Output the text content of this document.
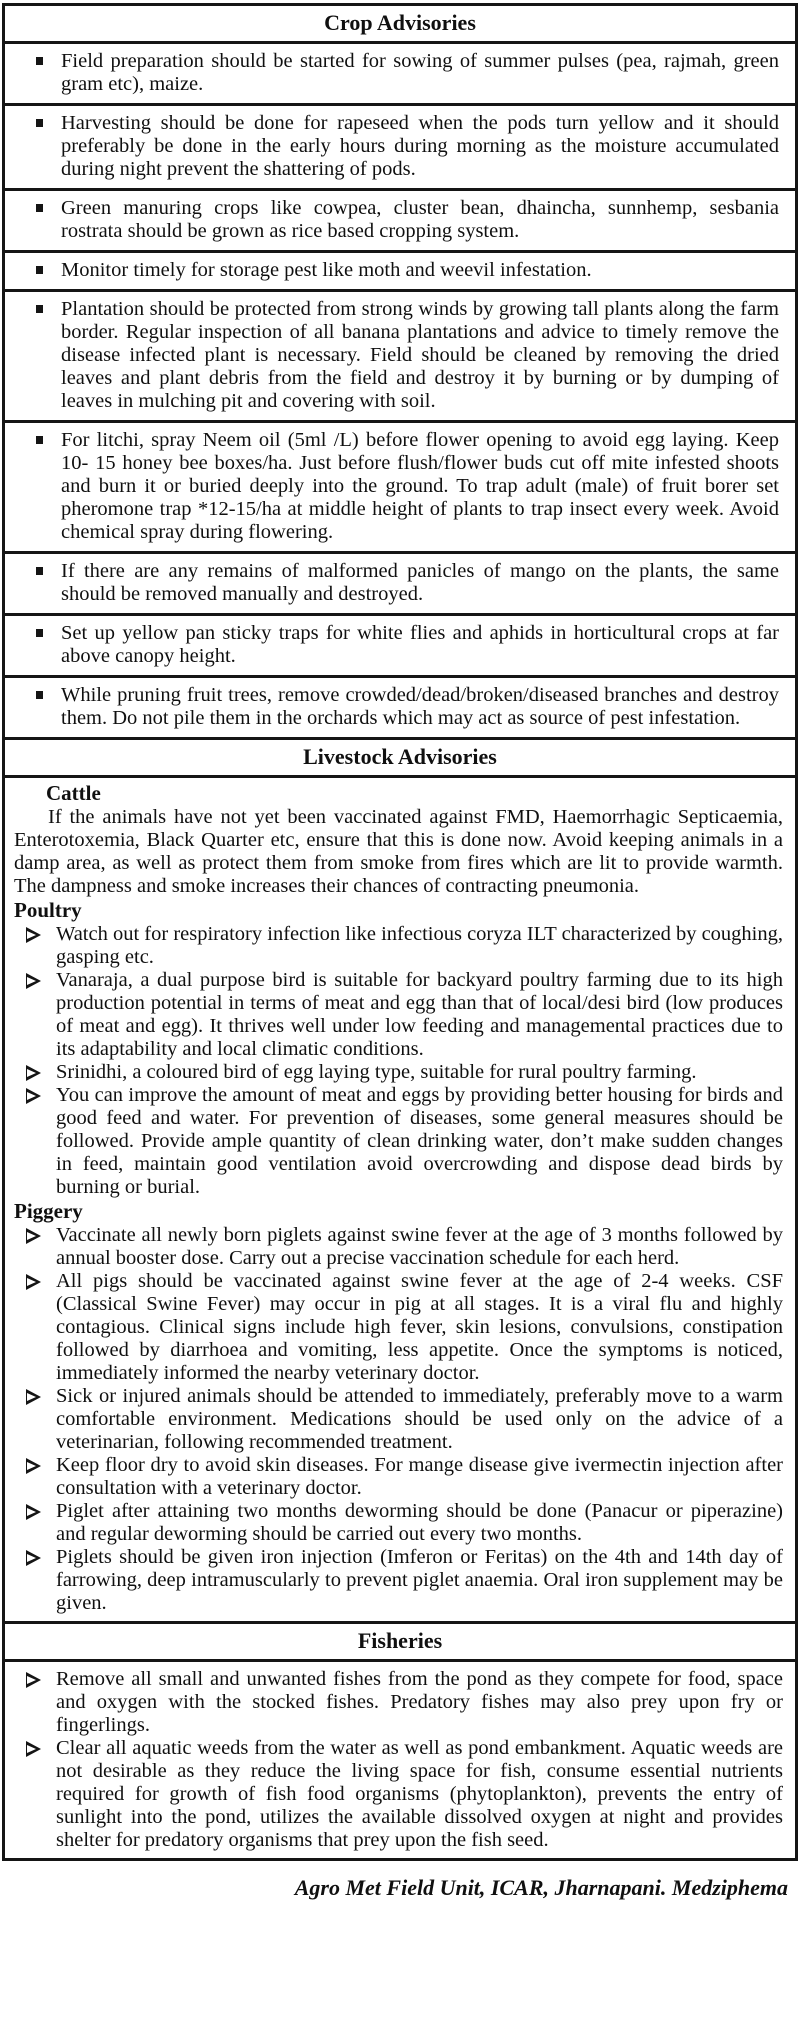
Crop Advisories
Field preparation should be started for sowing of summer pulses (pea, rajmah, green gram etc), maize.
Harvesting should be done for rapeseed when the pods turn yellow and it should preferably be done in the early hours during morning as the moisture accumulated during night prevent the shattering of pods.
Green manuring crops like cowpea, cluster bean, dhaincha, sunnhemp, sesbania rostrata should be grown as rice based cropping system.
Monitor timely for storage pest like moth and weevil infestation.
Plantation should be protected from strong winds by growing tall plants along the farm border. Regular inspection of all banana plantations and advice to timely remove the disease infected plant is necessary. Field should be cleaned by removing the dried leaves and plant debris from the field and destroy it by burning or by dumping of leaves in mulching pit and covering with soil.
For litchi, spray Neem oil (5ml /L) before flower opening to avoid egg laying. Keep 10- 15 honey bee boxes/ha. Just before flush/flower buds cut off mite infested shoots and burn it or buried deeply into the ground. To trap adult (male) of fruit borer set pheromone trap *12-15/ha at middle height of plants to trap insect every week. Avoid chemical spray during flowering.
If there are any remains of malformed panicles of mango on the plants, the same should be removed manually and destroyed.
Set up yellow pan sticky traps for white flies and aphids in horticultural crops at far above canopy height.
While pruning fruit trees, remove crowded/dead/broken/diseased branches and destroy them. Do not pile them in the orchards which may act as source of pest infestation.
Livestock Advisories
Cattle
If the animals have not yet been vaccinated against FMD, Haemorrhagic Septicaemia, Enterotoxemia, Black Quarter etc, ensure that this is done now. Avoid keeping animals in a damp area, as well as protect them from smoke from fires which are lit to provide warmth. The dampness and smoke increases their chances of contracting pneumonia.
Poultry
Watch out for respiratory infection like infectious coryza ILT characterized by coughing, gasping etc.
Vanaraja, a dual purpose bird is suitable for backyard poultry farming due to its high production potential in terms of meat and egg than that of local/desi bird (low produces of meat and egg). It thrives well under low feeding and managemental practices due to its adaptability and local climatic conditions.
Srinidhi, a coloured bird of egg laying type, suitable for rural poultry farming.
You can improve the amount of meat and eggs by providing better housing for birds and good feed and water. For prevention of diseases, some general measures should be followed. Provide ample quantity of clean drinking water, don’t make sudden changes in feed, maintain good ventilation avoid overcrowding and dispose dead birds by burning or burial.
Piggery
Vaccinate all newly born piglets against swine fever at the age of 3 months followed by annual booster dose. Carry out a precise vaccination schedule for each herd.
All pigs should be vaccinated against swine fever at the age of 2-4 weeks. CSF (Classical Swine Fever) may occur in pig at all stages. It is a viral flu and highly contagious. Clinical signs include high fever, skin lesions, convulsions, constipation followed by diarrhoea and vomiting, less appetite. Once the symptoms is noticed, immediately informed the nearby veterinary doctor.
Sick or injured animals should be attended to immediately, preferably move to a warm comfortable environment. Medications should be used only on the advice of a veterinarian, following recommended treatment.
Keep floor dry to avoid skin diseases. For mange disease give ivermectin injection after consultation with a veterinary doctor.
Piglet after attaining two months deworming should be done (Panacur or piperazine) and regular deworming should be carried out every two months.
Piglets should be given iron injection (Imferon or Feritas) on the 4th and 14th day of farrowing, deep intramuscularly to prevent piglet anaemia. Oral iron supplement may be given.
Fisheries
Remove all small and unwanted fishes from the pond as they compete for food, space and oxygen with the stocked fishes. Predatory fishes may also prey upon fry or fingerlings.
Clear all aquatic weeds from the water as well as pond embankment. Aquatic weeds are not desirable as they reduce the living space for fish, consume essential nutrients required for growth of fish food organisms (phytoplankton), prevents the entry of sunlight into the pond, utilizes the available dissolved oxygen at night and provides shelter for predatory organisms that prey upon the fish seed.
Agro Met Field Unit, ICAR, Jharnapani. Medziphema
